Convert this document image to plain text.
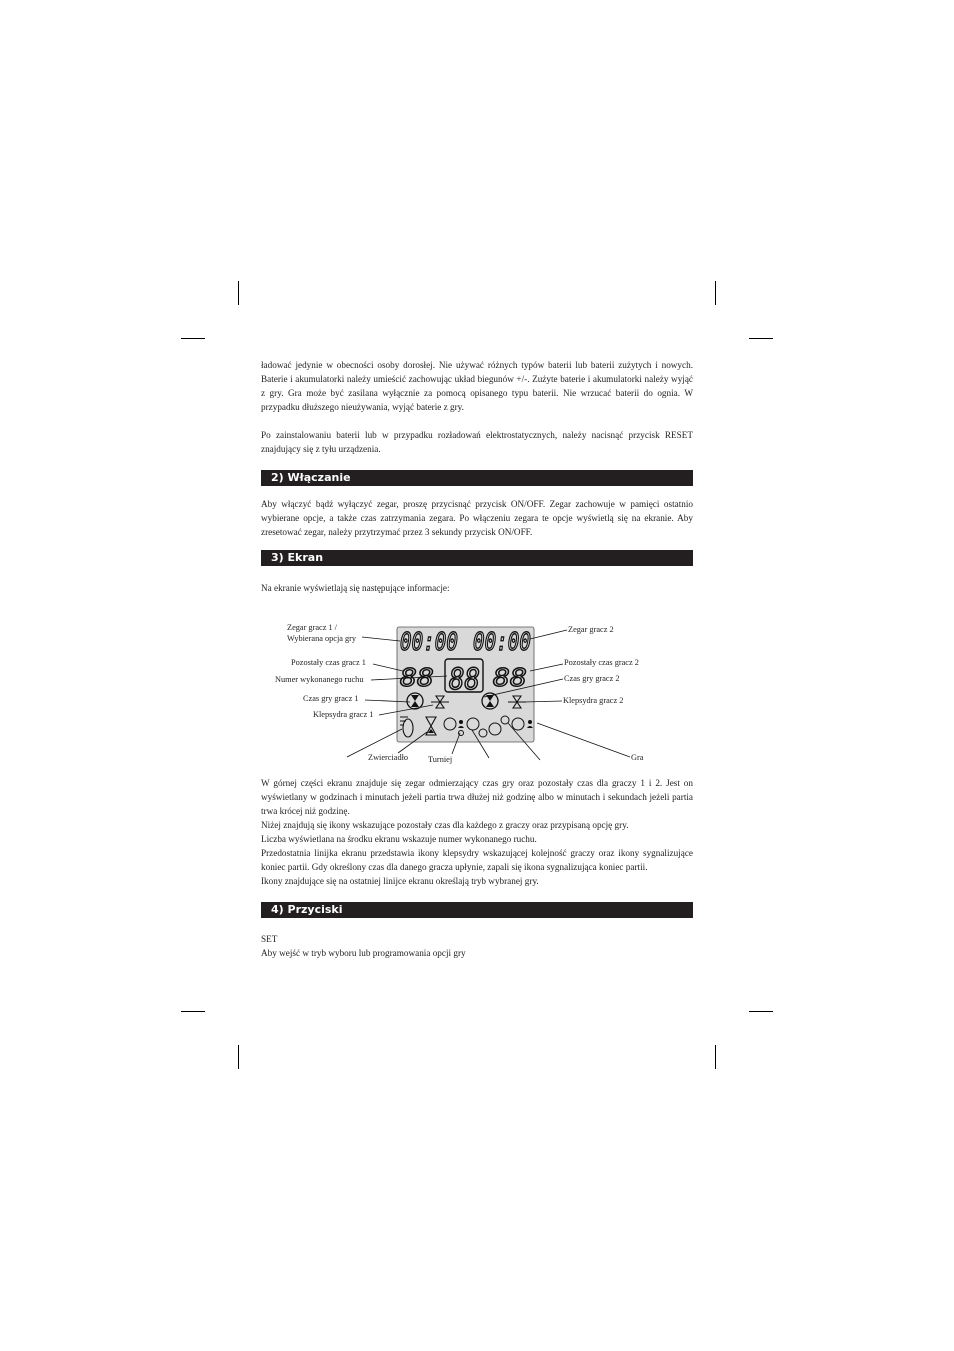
ładować jedynie w obecności osoby dorosłej. Nie używać różnych typów baterii lub baterii zużytych i nowych. Baterie i akumulatorki należy umieścić zachowując układ biegunów +/-. Zużyte baterie i akumulatorki należy wyjąć z gry. Gra może być zasilana wyłącznie za pomocą opisanego typu baterii. Nie wrzucać baterii do ognia. W przypadku dłuższego nieużywania, wyjąć baterie z gry.

Po zainstalowaniu baterii lub w przypadku rozładowań elektrostatycznych, należy nacisnąć przycisk RESET znajdujący się z tyłu urządzenia.

2) Włączanie

Aby włączyć bądź wyłączyć zegar, proszę przycisnąć przycisk ON/OFF. Zegar zachowuje w pamięci ostatnio wybierane opcje, a także czas zatrzymania zegara. Po włączeniu zegara te opcje wyświetlą się na ekranie. Aby zresetować zegar, należy przytrzymać przez 3 sekundy przycisk ON/OFF.

3) Ekran

Na ekranie wyświetlają się następujące informacje:

00:00 00:00
88 88 88
Zegar gracz 1 /
Wybierana opcja gry
Zegar gracz 2
Pozostały czas gracz 1	Pozostały czas gracz 2
Numer wykonanego ruchu	Czas gry gracz 2
Czas gry gracz 1	Klepsydra gracz 2
Klepsydra gracz 1
Zwierciadło Turniej	Gra
W górnej części ekranu znajduje się zegar odmierzający czas gry oraz pozostały czas dla graczy 1 i 2. Jest on wyświetlany w godzinach i minutach jeżeli partia trwa dłużej niż godzinę albo w minutach i sekundach jeżeli partia trwa krócej niż godzinę.
Niżej znajdują się ikony wskazujące pozostały czas dla każdego z graczy oraz przypisaną opcję gry.
Liczba wyświetlana na środku ekranu wskazuje numer wykonanego ruchu.
Przedostatnia linijka ekranu przedstawia ikony klepsydry wskazującej kolejność graczy oraz ikony sygnalizujące koniec partii. Gdy określony czas dla danego gracza upłynie, zapali się ikona sygnalizująca koniec partii.
Ikony znajdujące się na ostatniej linijce ekranu określają tryb wybranej gry.
4) Przyciski
SET
Aby wejść w tryb wyboru lub programowania opcji gry
